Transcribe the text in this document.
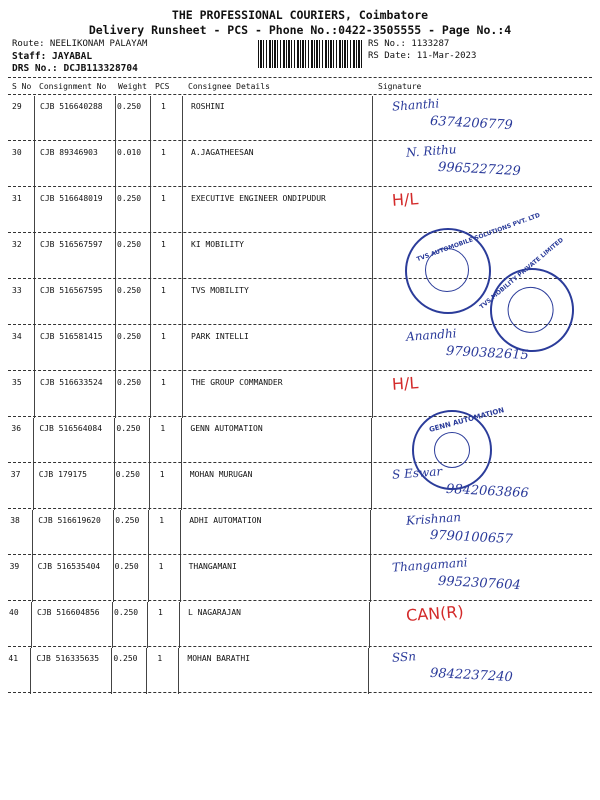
THE PROFESSIONAL COURIERS, Coimbatore
Delivery Runsheet - PCS - Phone No.:0422-3505555 - Page No.:4
Route: NEELIKONAM PALAYAM
Staff: JAYABAL
DRS No.: DCJB113328704
RS No.: 1133287
RS Date: 11-Mar-2023
S No Consignment No Weight PCS Consignee Details	Signature
29 CJB 516640288 0.250 1	ROSHINI	Shanthi
6374206779
30 CJB 89346903 0.010 1	A.JAGATHEESAN	N. Rithu
9965227229
31 CJB 516648019 0.250 1	EXECUTIVE ENGINEER ONDIPUDUR	H/L
32 CJB 516567597 0.250 1	KI MOBILITY
33 CJB 516567595 0.250 1	TVS MOBILITY
34 CJB 516581415 0.250 1	PARK INTELLI	Anandhi
9790382615
35 CJB 516633524 0.250 1	THE GROUP COMMANDER	H/L
36 CJB 516564084 0.250 1	GENN AUTOMATION
37 CJB 179175	0.250 1	MOHAN MURUGAN	S Eswar
9842063866
38 CJB 516619620 0.250 1	ADHI AUTOMATION	Krishnan
9790100657
39 CJB 516535404 0.250 1	THANGAMANI	Thangamani
9952307604
40 CJB 516604856 0.250 1	L NAGARAJAN	CAN(R)
41 CJB 516335635 0.250 1	MOHAN BARATHI	SSn
9842237240
TVS AUTOMOBILE SOLUTIONS PVT. LTD
TVS MOBILITY PRIVATE LIMITED
GENN AUTOMATION
